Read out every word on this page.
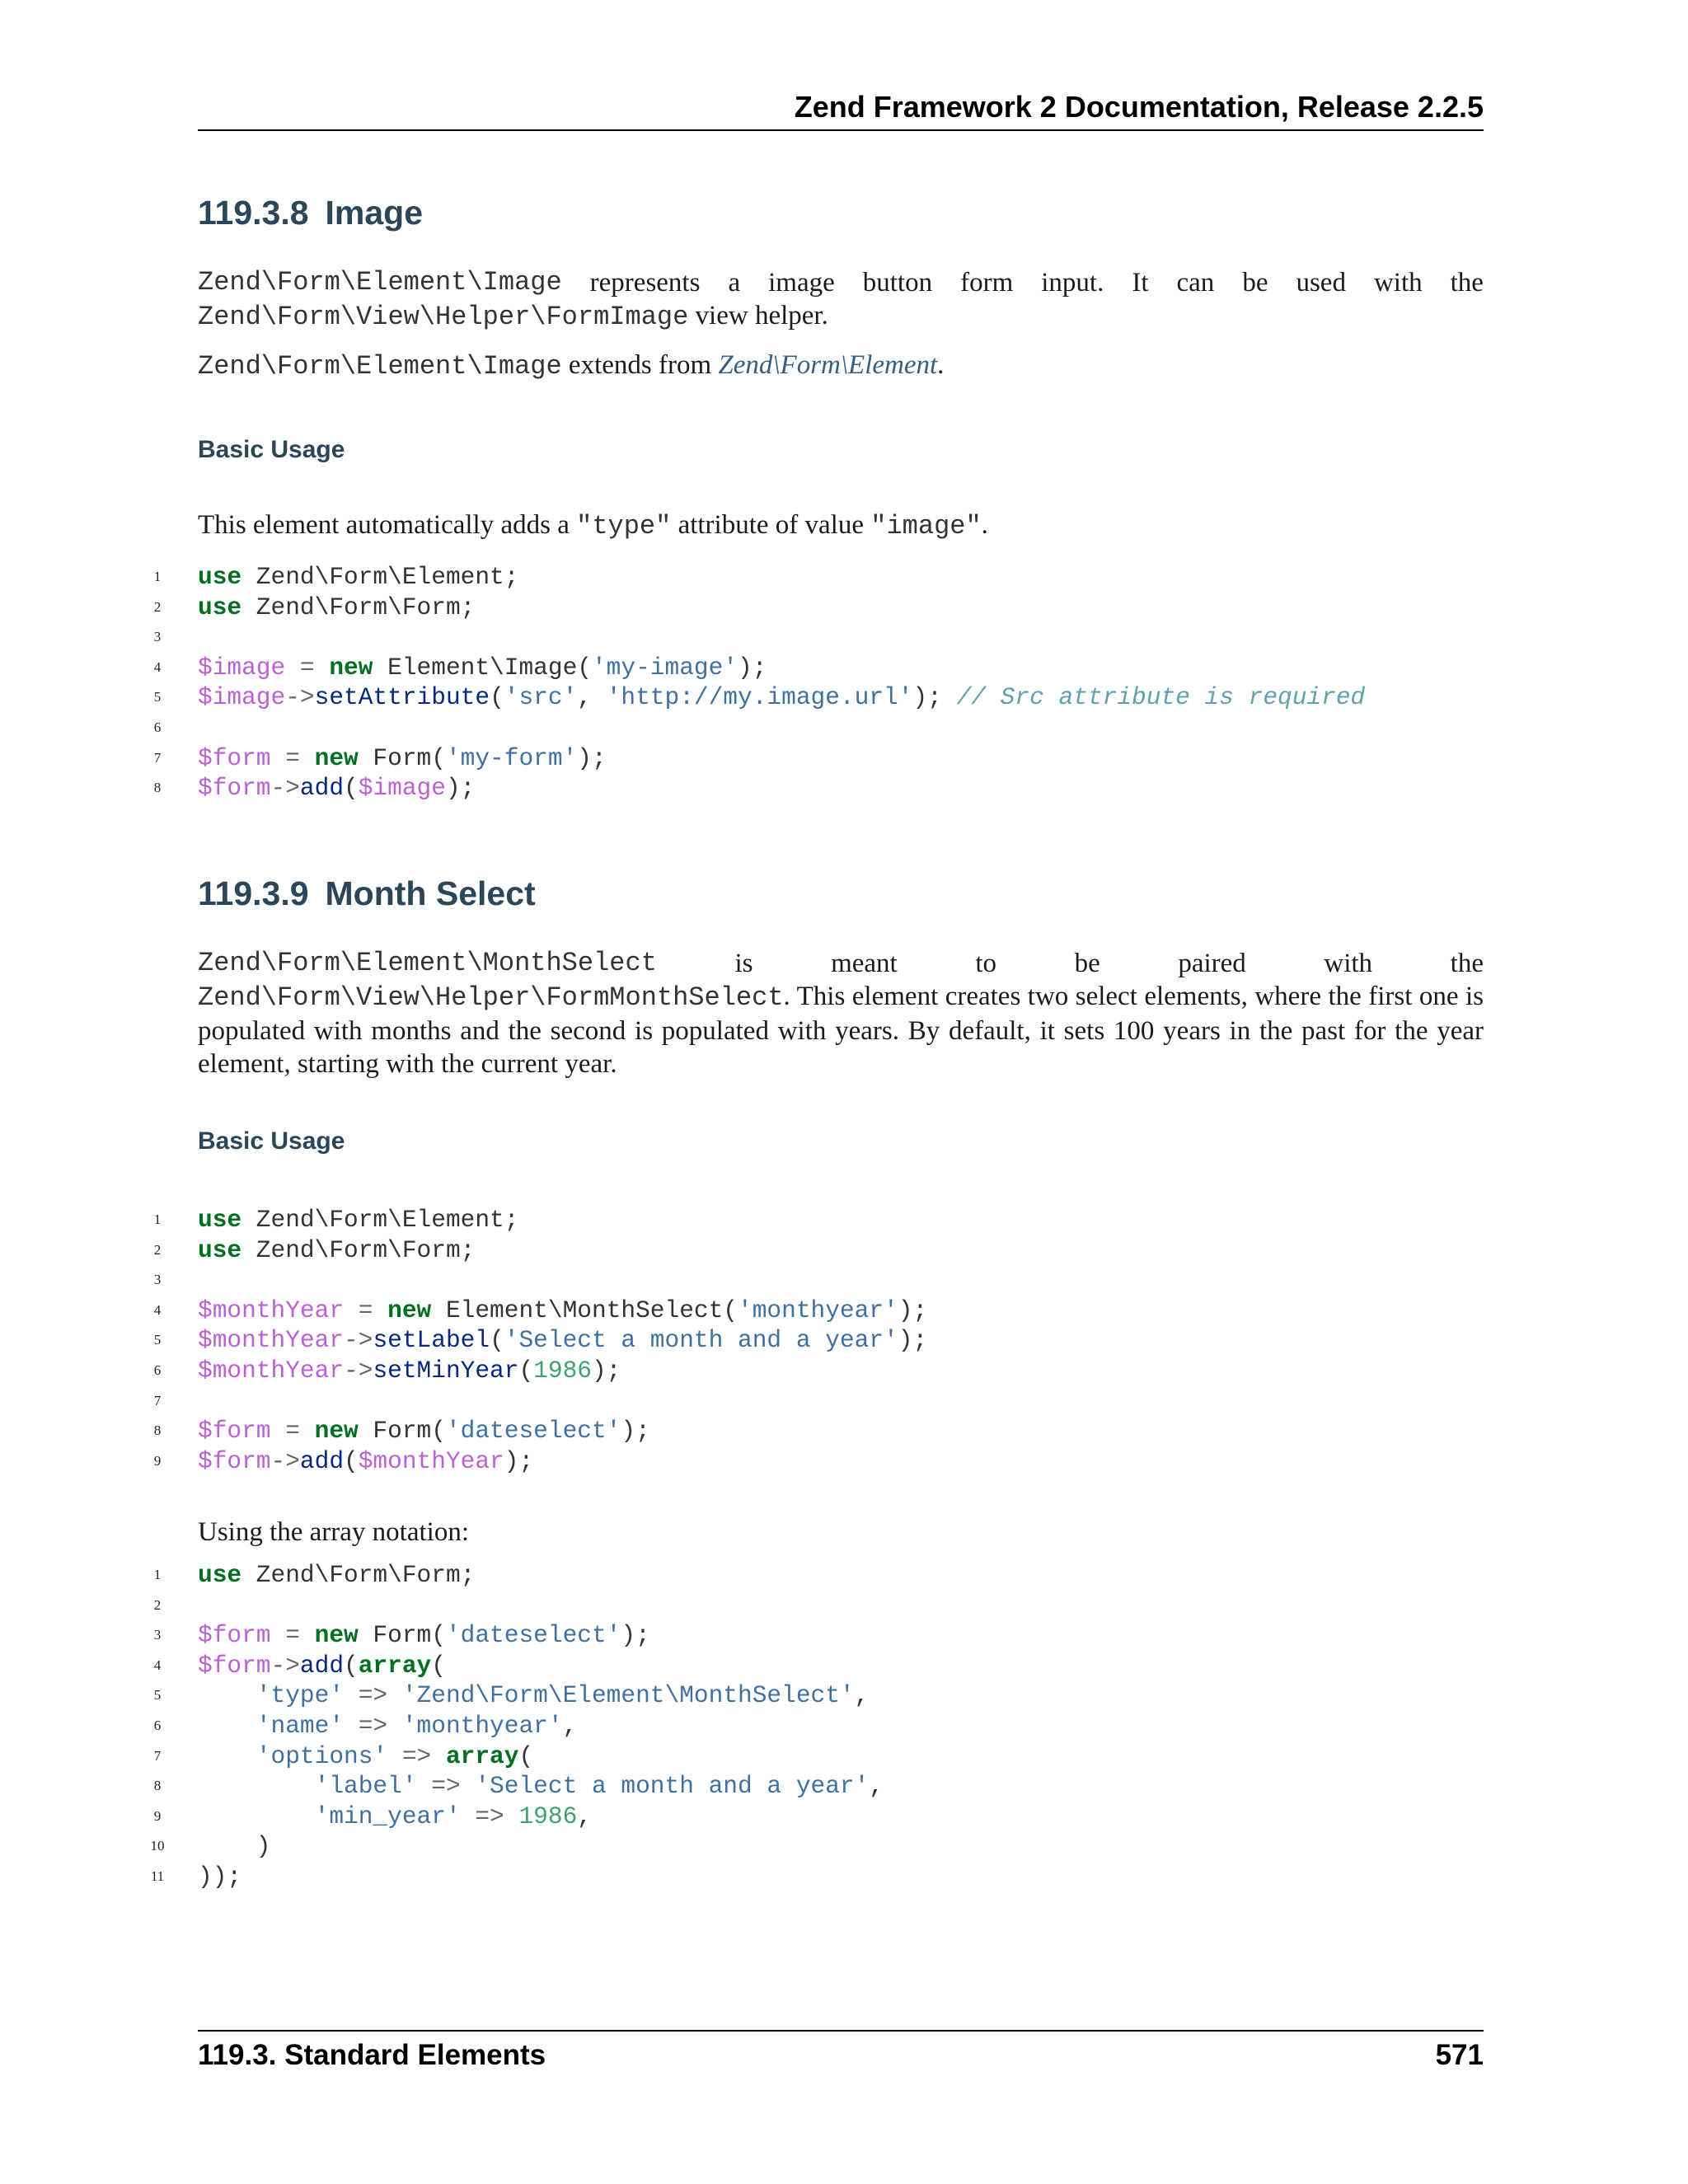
Zend Framework 2 Documentation, Release 2.2.5
119.3.8 Image
Zend\Form\Element\Image represents a image button form input. It can be used with the
Zend\Form\View\Helper\FormImage view helper.
Zend\Form\Element\Image extends from Zend\Form\Element.
Basic Usage
This element automatically adds a "type" attribute of value "image".
1	use Zend\Form\Element;
2	use Zend\Form\Form;
3
4	$image = new Element\Image('my-image');
5	$image->setAttribute('src', 'http://my.image.url'); // Src attribute is required
6
7	$form = new Form('my-form');
8	$form->add($image);
119.3.9 Month Select
Zend\Form\Element\MonthSelect	is	meant	to	be	paired	with	the
Zend\Form\View\Helper\FormMonthSelect. This element creates two select elements, where the first one is populated with months and the second is populated with years. By default, it sets 100 years in the past for the year element, starting with the current year.
Basic Usage
1	use Zend\Form\Element;
2	use Zend\Form\Form;
3
4	$monthYear = new Element\MonthSelect('monthyear');
5	$monthYear->setLabel('Select a month and a year');
6	$monthYear->setMinYear(1986);
7
8	$form = new Form('dateselect');
9	$form->add($monthYear);
Using the array notation:
1	use Zend\Form\Form;
2
3	$form = new Form('dateselect');
4	$form->add(array(
5	'type' => 'Zend\Form\Element\MonthSelect',
6	'name' => 'monthyear',
7	'options' => array(
8	'label' => 'Select a month and a year',
9	'min_year' => 1986,
10 )
11 ));
119.3. Standard Elements	571
